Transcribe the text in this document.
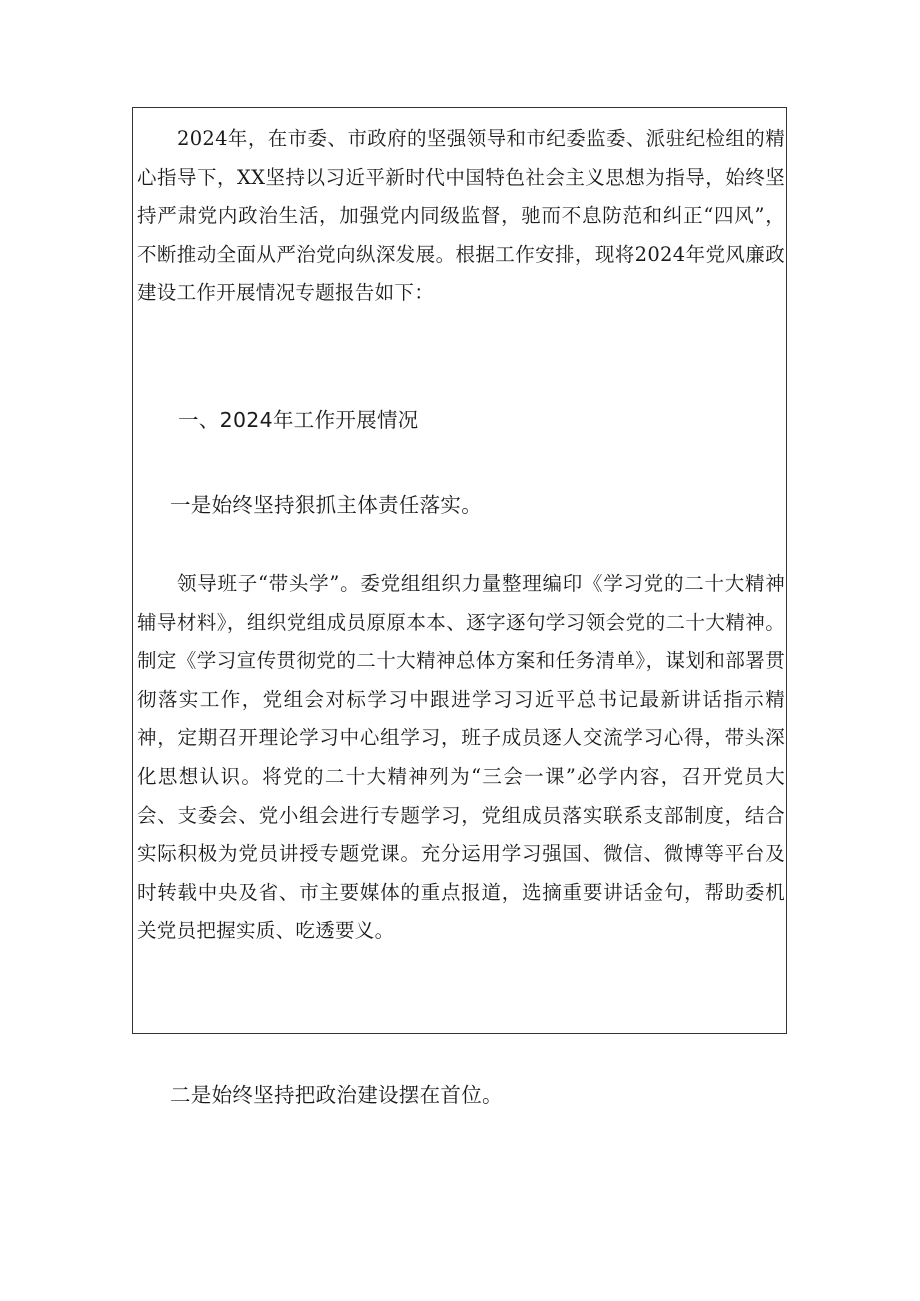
2024年，在市委、市政府的坚强领导和市纪委监委、派驻纪检组的精心指导下，XX坚持以习近平新时代中国特色社会主义思想为指导，始终坚持严肃党内政治生活，加强党内同级监督，驰而不息防范和纠正“四风”，不断推动全面从严治党向纵深发展。根据工作安排，现将2024年党风廉政建设工作开展情况专题报告如下：

一、2024年工作开展情况
一是始终坚持狠抓主体责任落实。

领导班子“带头学”。委党组组织力量整理编印《学习党的二十大精神辅导材料》，组织党组成员原原本本、逐字逐句学习领会党的二十大精神。制定《学习宣传贯彻党的二十大精神总体方案和任务清单》，谋划和部署贯彻落实工作，党组会对标学习中跟进学习习近平总书记最新讲话指示精神，定期召开理论学习中心组学习，班子成员逐人交流学习心得，带头深化思想认识。将党的二十大精神列为“三会一课”必学内容，召开党员大会、支委会、党小组会进行专题学习，党组成员落实联系支部制度，结合实际积极为党员讲授专题党课。充分运用学习强国、微信、微博等平台及时转载中央及省、市主要媒体的重点报道，选摘重要讲话金句，帮助委机关党员把握实质、吃透要义。

二是始终坚持把政治建设摆在首位。
